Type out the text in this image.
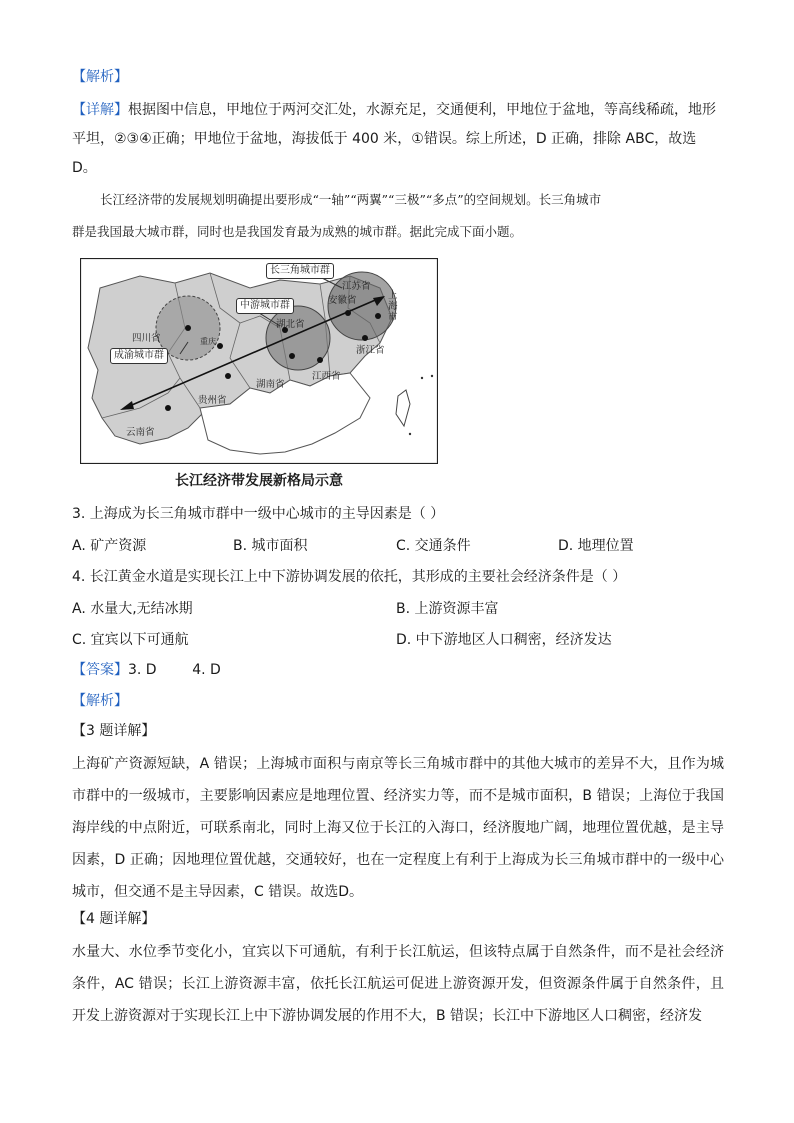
【解析】
【详解】根据图中信息，甲地位于两河交汇处，水源充足，交通便利，甲地位于盆地，等高线稀疏，地形
平坦，②③④正确；甲地位于盆地，海拔低于 400 米，①错误。综上所述，D 正确，排除 ABC，故选
D。
长江经济带的发展规划明确提出要形成“一轴”“两翼”“三极”“多点”的空间规划。长三角城市
群是我国最大城市群，同时也是我国发育最为成熟的城市群。据此完成下面小题。
长三角城市群
中游城市群
成渝城市群
四川省	重庆
湖北省
湖南省
贵州省
云南省
江西省
浙江省
安徽省
江苏省
上海市
长江经济带发展新格局示意
3. 上海成为长三角城市群中一级中心城市的主导因素是（ ）
A. 矿产资源	B. 城市面积	C. 交通条件	D. 地理位置
4. 长江黄金水道是实现长江上中下游协调发展的依托，其形成的主要社会经济条件是（ ）
A. 水量大,无结冰期	B. 上游资源丰富
C. 宜宾以下可通航	D. 中下游地区人口稠密，经济发达
【答案】3. D        4. D
【解析】
【3 题详解】
上海矿产资源短缺，A 错误；上海城市面积与南京等长三角城市群中的其他大城市的差异不大，且作为城市群中的一级城市，主要影响因素应是地理位置、经济实力等，而不是城市面积，B 错误；上海位于我国海岸线的中点附近，可联系南北，同时上海又位于长江的入海口，经济腹地广阔，地理位置优越，是主导因素，D 正确；因地理位置优越，交通较好，也在一定程度上有利于上海成为长三角城市群中的一级中心城市，但交通不是主导因素，C 错误。故选D。
【4 题详解】
水量大、水位季节变化小，宜宾以下可通航，有利于长江航运，但该特点属于自然条件，而不是社会经济条件，AC 错误；长江上游资源丰富，依托长江航运可促进上游资源开发，但资源条件属于自然条件，且开发上游资源对于实现长江上中下游协调发展的作用不大，B 错误；长江中下游地区人口稠密，经济发
